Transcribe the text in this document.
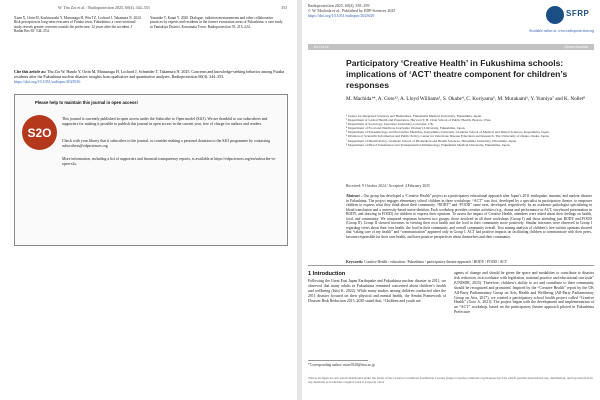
W. Thu Zar et al. / Radioprotection 2025, 60(4), 344–353	353
Xuan X, Ortin M, Kashiwazaki Y, Matsunaga H, Win TZ, Lochard J, Takamura N. 2024. Risk perception in long-term evacuees of Futaba town, Fukushima: a cross-sectional study reveals greater concerns outside the prefecture, 12 years after the accident. J Radiat Res 65: 544–554.
Yasutake T, Kanai Y. 2020. Dialogue, radiation measurements and other collaborative practices by experts and residents in the former evacuation areas of Fukushima: a case study in Yamakiya District, Kawamata Town. Radioprotection 55: 215–224.
Cite this article as: Thu Zar W, Hando Y, Ortin M, Matsunaga H, Lochard J, Schneider T, Takamura N. 2025. Concerns and knowledge-seeking behavior among Futaba residents after the Fukushima nuclear disaster: insights from qualitative and quantitative analyses. Radioprotection 60(4): 344–353. https://doi.org/10.1051/radiopro/2025016
Please help to maintain this journal in open access!
S2O
This journal is currently published in open access under the Subscribe to Open model (S2O). We are thankful to our subscribers and supporters for making it possible to publish this journal in open access in the current year, free of charge for authors and readers.
Check with your library that it subscribes to the journal, or consider making a personal donation to the S2O programme by contacting subscribers@edpsciences.org
More information, including a list of supporters and financial transparency reports, is available at https://edpsciences.org/en/subscribe-to-open-s2o.
Radioprotection 2025, 60(4), 358–359
© W. Machida et al., Published by EDP Sciences 2025
https://doi.org/10.1051/radiopro/2025029	SFRP
Available online at: www.radioprotection.org
Article	Open Access
Participatory ‘Creative Health’ in Fukushima schools: implications of ‘ACT’ theatre component for children’s responses
M. Machida¹*, A. Goto¹², A. Lloyd Williams³, S. Okabe⁴, C. Koriyama⁵, M. Murakami⁶, Y. Yumiya⁷ and K. Nollet⁸
¹ Center for Integrated Sciences and Humanities, Fukushima Medical University, Fukushima, Japan.
² Department of Global Health and Population, Harvard T. H. Chan School of Public Health, Boston, USA.
³ Department of Sociology, Lancaster University, Lancaster, UK.
⁴ Department of Food and Nutrition, Koriyama Women’s University, Fukushima, Japan.
⁵ Department of Epidemiology and Preventive Medicine, Kagoshima University Graduate School of Medical and Dental Sciences, Kagoshima, Japan.
⁶ Division of Scientific Information and Public Policy, Center for Infectious Disease Education and Research, The University of Osaka, Osaka, Japan.
⁷ Department of Health Policy, Graduate School of Biomedical and Health Sciences, Hiroshima University, Hiroshima, Japan.
⁸ Department of Blood Transfusion and Transplantation Immunology, Fukushima Medical University, Fukushima, Japan.
Received: 9 October 2024 / Accepted: 4 February 2025
Abstract – Our group has developed a “Creative Health” project as a participatory educational approach after Japan’s 2011 earthquake, tsunami, and nuclear disaster in Fukushima. The project engages elementary school children in three workshops: “ACT” was first, developed by a specialist in participatory theatre, to empower children to express what they think about their community. “BODY” and “FOOD” came next, developed, respectively, by an academic pathologist specializing in blood transfusion and a university-based nurse-dietitian. Each workshop provides creative activities (e.g., drama and performance in ACT, storyboard presentation in BODY, and drawing in FOOD) for children to express their opinions. To assess the impact of Creative Health, attendees were asked about their feelings on health, food, and community. We compared responses between two groups: those involved in all three workshops (Group I) and those attending just BODY and FOOD (Group II). Group II showed increases in viewing their own health and the food in their community more positively. Similar increases were observed in Group I regarding views about their own health, the food in their community, and overall community overall. Text mining analysis of children’s free written opinions showed that “taking care of my health” and “communication” appeared only in Group I. ACT had positive impacts on facilitating children to communicate with their peers, become responsible for their own health, and have positive perspectives about themselves and their community.
Keywords: Creative Health / education / Fukushima / participatory theatre approach / BODY / FOOD / ACT
1 Introduction
Following the Great East Japan Earthquake and Fukushima nuclear disaster in 2011, we observed that many adults in Fukushima remained concerned about children’s health and wellbeing (Ishii K, 2022). While many studies among children conducted after the 2011 disaster focused on their physical and mental health, the Sendai Framework of Disaster Risk Reduction 2015–2030 stated that, “Children and youth are
agents of change and should be given the space and modalities to contribute to disaster risk reduction, in accordance with legislation, national practice and educational curricula” (UNISDR, 2015). Therefore, children’s ability to act and contribute to their community should be recognized and promoted. Inspired by the “Creative Health” report by the UK All-Party Parliamentary Group on Arts, Health and Wellbeing (All-Party Parliamentary Group on Arts, 2017), we created a participatory school health project called “Creative Health” (Goto A, 2021). The project began with the development and implementation of an “ACT” workshop, based on the participatory theatre approach piloted in Fukushima Prefecture
*Corresponding author: muse0328@fmu.ac.jp
This is an Open Access article distributed under the terms of the Creative Commons Attribution License (https://creativecommons.org/licenses/by/4.0), which permits unrestricted use, distribution, and reproduction in any medium, provided the original work is properly cited.
